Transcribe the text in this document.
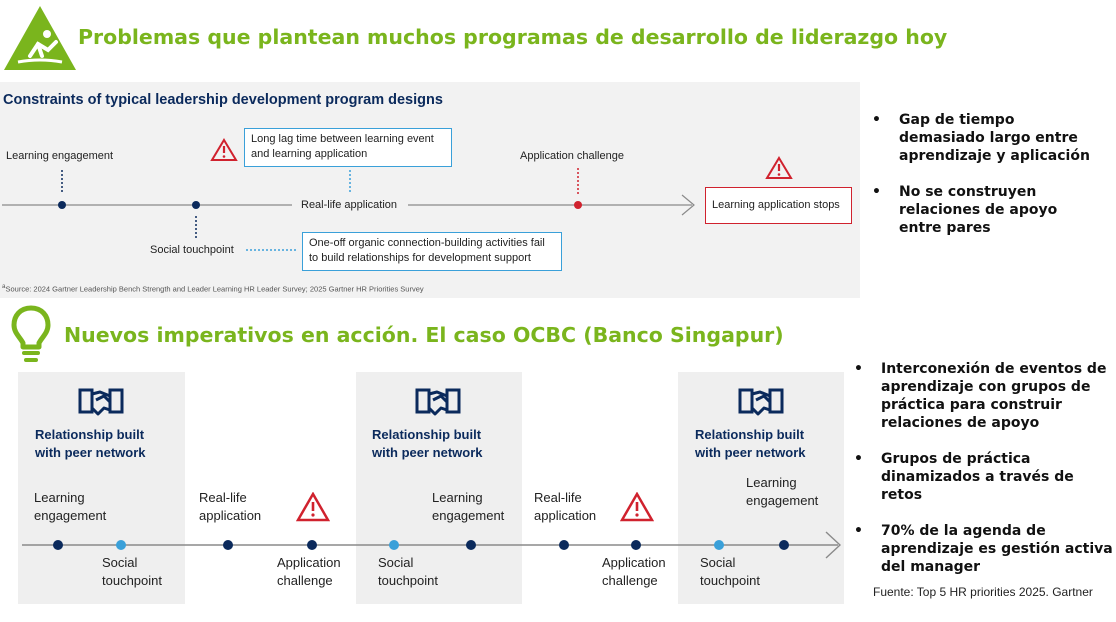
Problemas que plantean muchos programas de desarrollo de liderazgo hoy
Constraints of typical leadership development program designs
Learning engagement
Social touchpoint
Real-life application
Application challenge
Long lag time between learning event and learning application
One-off organic connection-building activities fail to build relationships for development support
Learning application stops
$^a$Source: 2024 Gartner Leadership Bench Strength and Leader Learning HR Leader Survey; 2025 Gartner HR Priorities Survey
• Gap de tiempo demasiado largo entre aprendizaje y aplicación
• No se construyen relaciones de apoyo entre pares
Nuevos imperativos en acción. El caso OCBC (Banco Singapur)
Relationship built with peer network
Relationship built with peer network
Relationship built with peer network
Learning engagement
Social touchpoint
Real-life application
Application challenge
Social touchpoint
Learning engagement
Real-life application
Application challenge
Social touchpoint
Learning engagement
• Interconexión de eventos de aprendizaje con grupos de práctica para construir relaciones de apoyo
• Grupos de práctica dinamizados a través de retos
• 70% de la agenda de aprendizaje es gestión activa del manager
Fuente: Top 5 HR priorities 2025. Gartner
